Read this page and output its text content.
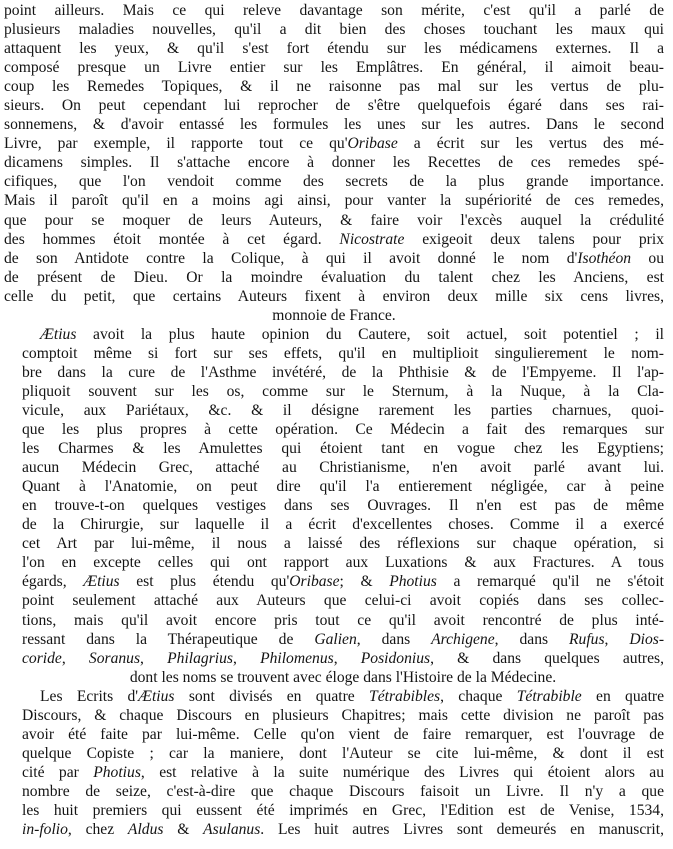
point ailleurs. Mais ce qui releve davantage son mérite, c'est qu'il a parlé de
plusieurs maladies nouvelles, qu'il a dit bien des choses touchant les maux qui
attaquent les yeux, & qu'il s'est fort étendu sur les médicamens externes. Il a
composé presque un Livre entier sur les Emplâtres. En général, il aimoit beau-
coup les Remedes Topiques, & il ne raisonne pas mal sur les vertus de plu-
sieurs. On peut cependant lui reprocher de s'être quelquefois égaré dans ses rai-
sonnemens, & d'avoir entassé les formules les unes sur les autres. Dans le second
Livre, par exemple, il rapporte tout ce qu'Oribase a écrit sur les vertus des mé-
dicamens simples. Il s'attache encore à donner les Recettes de ces remedes spé-
cifiques, que l'on vendoit comme des secrets de la plus grande importance.
Mais il paroît qu'il en a moins agi ainsi, pour vanter la supériorité de ces remedes,
que pour se moquer de leurs Auteurs, & faire voir l'excès auquel la crédulité
des hommes étoit montée à cet égard. Nicostrate exigeoit deux talens pour prix
de son Antidote contre la Colique, à qui il avoit donné le nom d'Isothéon ou
de présent de Dieu. Or la moindre évaluation du talent chez les Anciens, est
celle du petit, que certains Auteurs fixent à environ deux mille six cens livres,
monnoie de France.
Ætius avoit la plus haute opinion du Cautere, soit actuel, soit potentiel ; il
comptoit même si fort sur ses effets, qu'il en multiplioit singulierement le nom-
bre dans la cure de l'Asthme invétéré, de la Phthisie & de l'Empyeme. Il l'ap-
pliquoit souvent sur les os, comme sur le Sternum, à la Nuque, à la Cla-
vicule, aux Pariétaux, &c. & il désigne rarement les parties charnues, quoi-
que les plus propres à cette opération. Ce Médecin a fait des remarques sur
les Charmes & les Amulettes qui étoient tant en vogue chez les Egyptiens;
aucun Médecin Grec, attaché au Christianisme, n'en avoit parlé avant lui.
Quant à l'Anatomie, on peut dire qu'il l'a entierement négligée, car à peine
en trouve-t-on quelques vestiges dans ses Ouvrages. Il n'en est pas de même
de la Chirurgie, sur laquelle il a écrit d'excellentes choses. Comme il a exercé
cet Art par lui-même, il nous a laissé des réflexions sur chaque opération, si
l'on en excepte celles qui ont rapport aux Luxations & aux Fractures. A tous
égards, Ætius est plus étendu qu'Oribase; & Photius a remarqué qu'il ne s'étoit
point seulement attaché aux Auteurs que celui-ci avoit copiés dans ses collec-
tions, mais qu'il avoit encore pris tout ce qu'il avoit rencontré de plus inté-
ressant dans la Thérapeutique de Galien, dans Archigene, dans Rufus, Dios-
coride, Soranus, Philagrius, Philomenus, Posidonius, & dans quelques autres,
dont les noms se trouvent avec éloge dans l'Histoire de la Médecine.
Les Ecrits d'Ætius sont divisés en quatre Tétrabibles, chaque Tétrabible en quatre
Discours, & chaque Discours en plusieurs Chapitres; mais cette division ne paroît pas
avoir été faite par lui-même. Celle qu'on vient de faire remarquer, est l'ouvrage de
quelque Copiste ; car la maniere, dont l'Auteur se cite lui-même, & dont il est
cité par Photius, est relative à la suite numérique des Livres qui étoient alors au
nombre de seize, c'est-à-dire que chaque Discours faisoit un Livre. Il n'y a que
les huit premiers qui eussent été imprimés en Grec, l'Edition est de Venise, 1534,
in-folio, chez Aldus & Asulanus. Les huit autres Livres sont demeurés en manuscrit,
